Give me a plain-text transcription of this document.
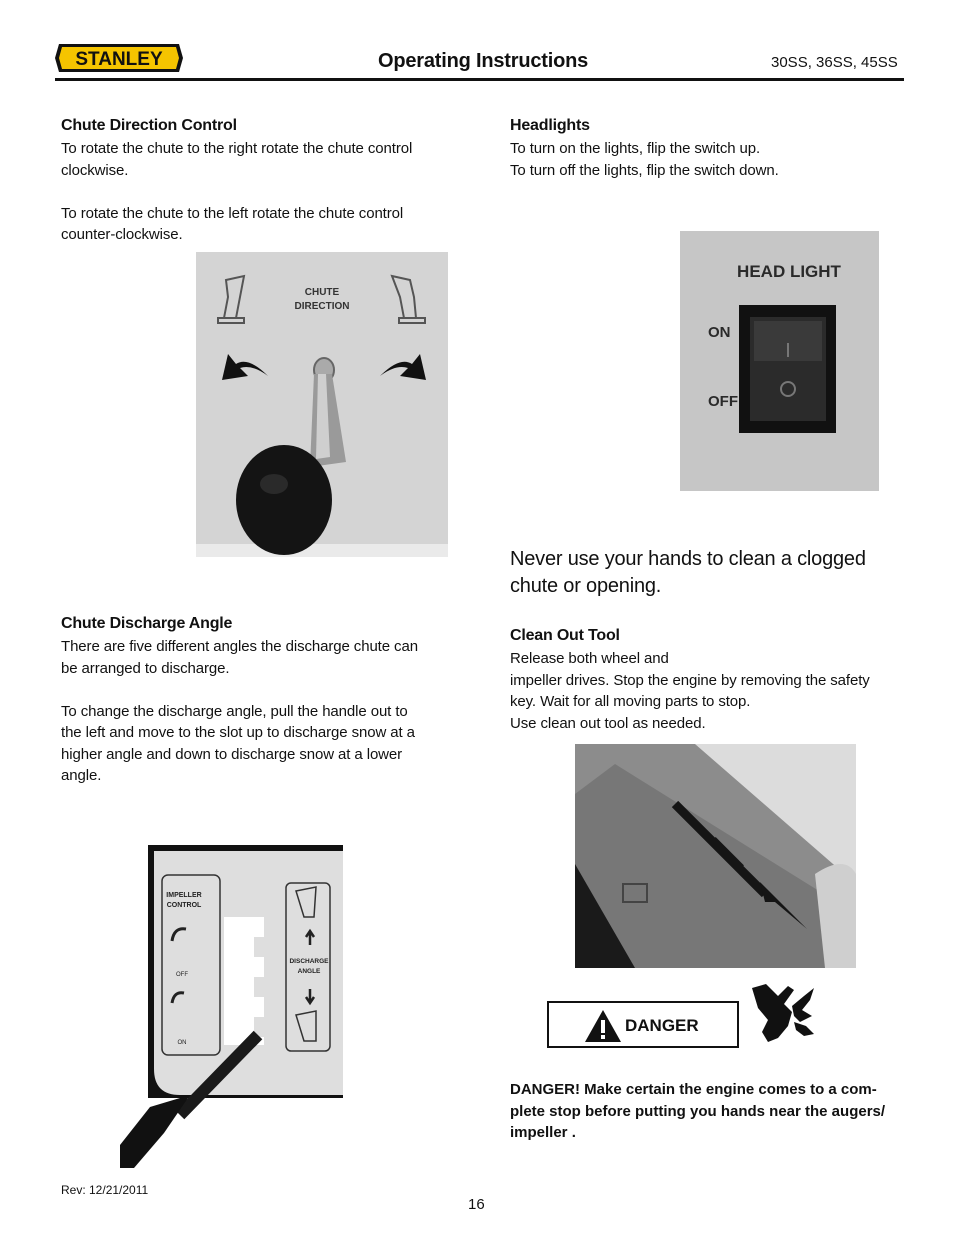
STANLEY	Operating Instructions	30SS, 36SS, 45SS
Chute Direction Control
To rotate the chute to the right rotate the chute control
clockwise.
To rotate the chute to the left rotate the chute control
counter-clockwise.
CHUTE
DIRECTION
Headlights
To turn on the lights, flip the switch up.
To turn off the lights, flip the switch down.
HEAD LIGHT
ON
OFF
Never use your hands to clean a clogged
chute or opening.
Clean Out Tool
Release both wheel and
impeller drives. Stop the engine by removing the safety
key. Wait for all moving parts to stop.
Use clean out tool as needed.
DANGER
DANGER! Make certain the engine comes to a com-
plete stop before putting you hands near the augers/
impeller .
Chute Discharge Angle
There are five different angles the discharge chute can
be arranged to discharge.
To change the discharge angle, pull the handle out to
the left and move to the slot up to discharge snow at a
higher angle and down to discharge snow at a lower
angle.
IMPELLER
CONTROL
OFF
ON
DISCHARGE
ANGLE
Rev: 12/21/2011
16
